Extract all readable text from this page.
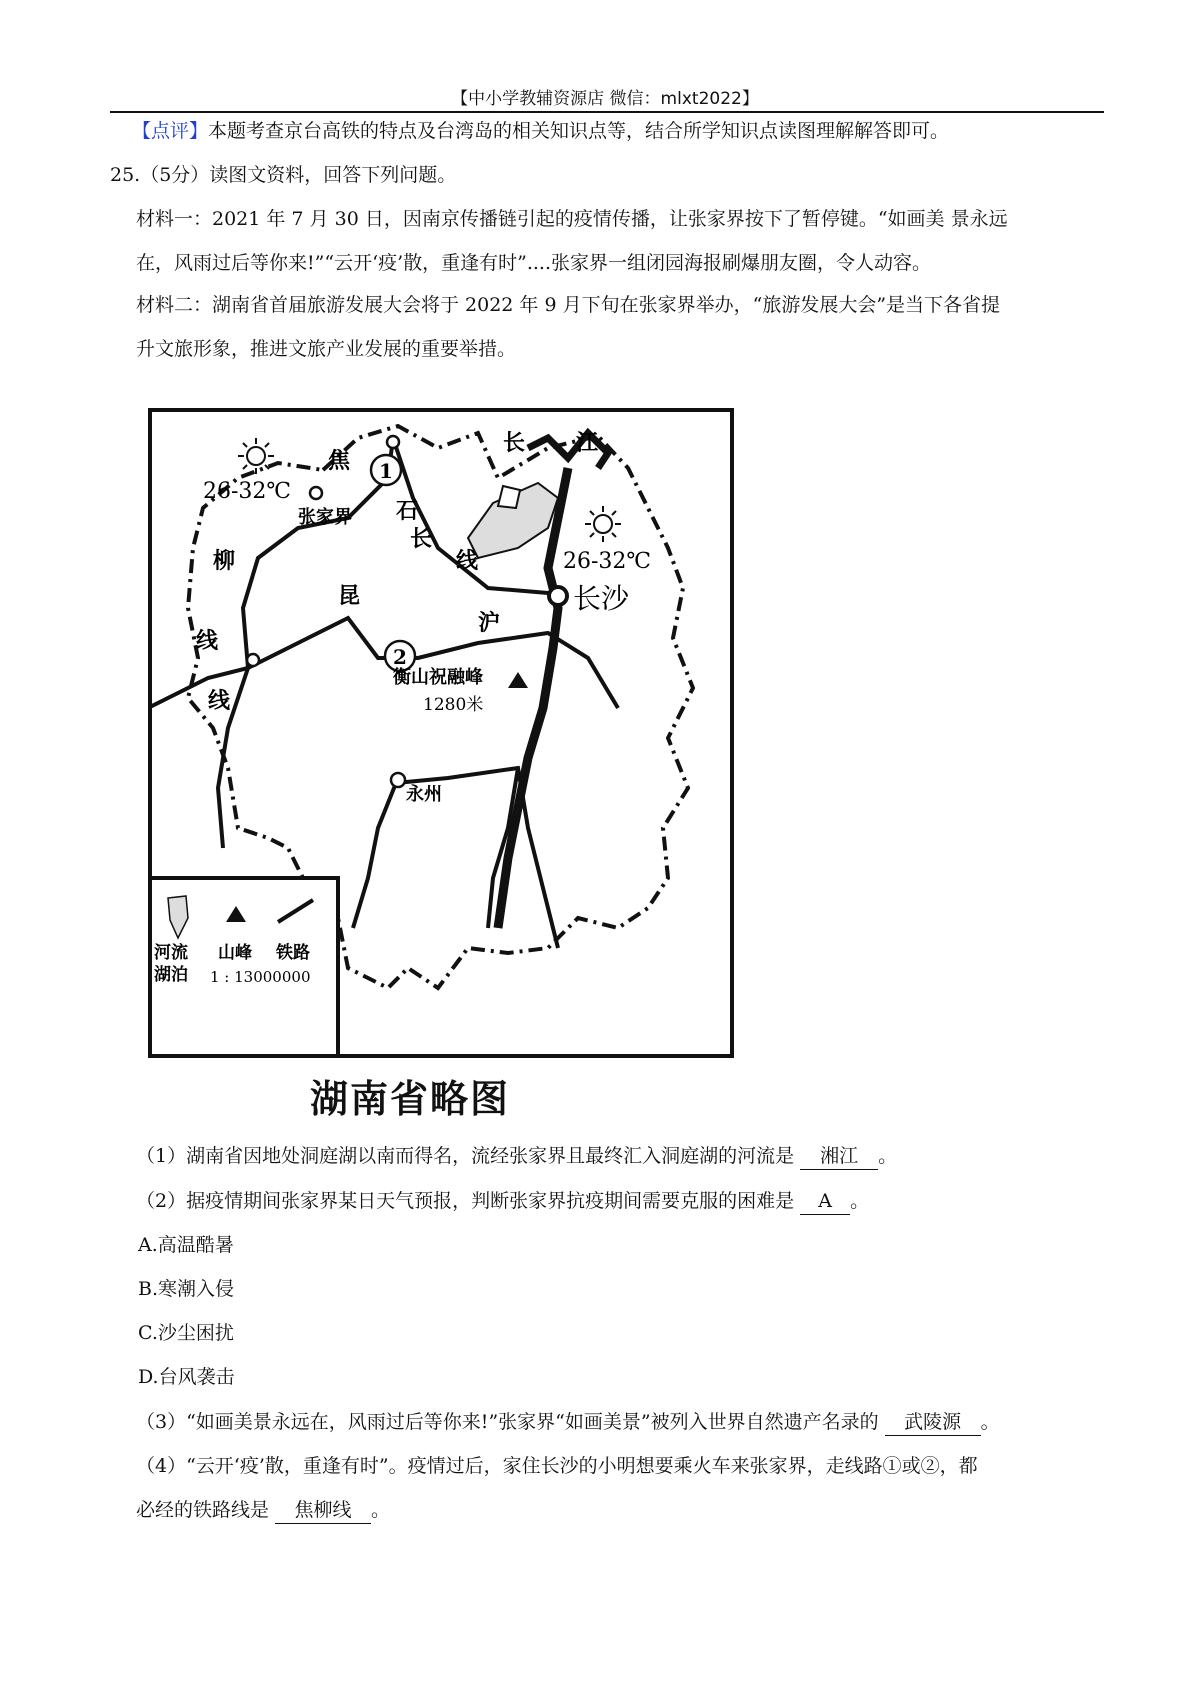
【中小学教辅资源店 微信：mlxt2022】
【点评】本题考查京台高铁的特点及台湾岛的相关知识点等，结合所学知识点读图理解解答即可。
25.（5分）读图文资料，回答下列问题。
材料一：2021 年 7 月 30 日，因南京传播链引起的疫情传播，让张家界按下了暂停键。“如画美 景永远
在，风雨过后等你来!”“云开‘疫’散，重逢有时”....张家界一组闭园海报刷爆朋友圈，令人动容。
材料二：湖南省首届旅游发展大会将于 2022 年 9 月下旬在张家界举办，“旅游发展大会”是当下各省提
升文旅形象，推进文旅产业发展的重要举措。
26-32℃
26-32℃
张家界
长沙
永州
衡山祝融峰
1280米
焦
柳
线
线
石
长
线
昆
沪
长 江
1
2
河流
湖泊
山峰 铁路
1 : 13000000
湖南省略图
（1）湖南省因地处洞庭湖以南而得名，流经张家界且最终汇入洞庭湖的河流是 湘江 。
（2）据疫情期间张家界某日天气预报，判断张家界抗疫期间需要克服的困难是 A 。
A.高温酷暑
B.寒潮入侵
C.沙尘困扰
D.台风袭击
（3）“如画美景永远在，风雨过后等你来!”张家界“如画美景”被列入世界自然遗产名录的 武陵源 。
（4）“云开‘疫’散，重逢有时”。疫情过后，家住长沙的小明想要乘火车来张家界，走线路①或②，都
必经的铁路线是 焦柳线 。
